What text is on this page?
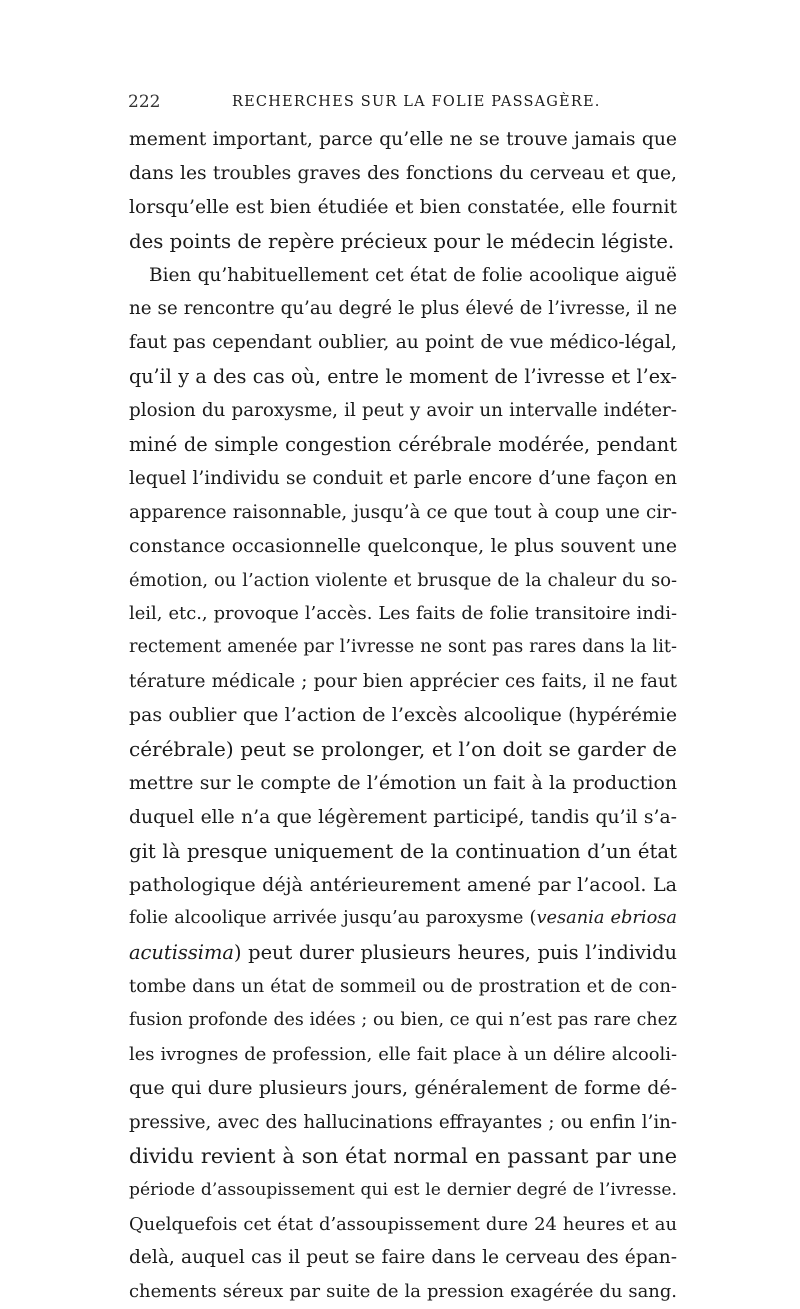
222	RECHERCHES SUR LA FOLIE PASSAGÈRE.
mement important, parce qu’elle ne se trouve jamais que
dans les troubles graves des fonctions du cerveau et que,
lorsqu’elle est bien étudiée et bien constatée, elle fournit
des points de repère précieux pour le médecin légiste.
Bien qu’habituellement cet état de folie acoolique aiguë
ne se rencontre qu’au degré le plus élevé de l’ivresse, il ne
faut pas cependant oublier, au point de vue médico-légal,
qu’il y a des cas où, entre le moment de l’ivresse et l’ex-
plosion du paroxysme, il peut y avoir un intervalle indéter-
miné de simple congestion cérébrale modérée, pendant
lequel l’individu se conduit et parle encore d’une façon en
apparence raisonnable, jusqu’à ce que tout à coup une cir-
constance occasionnelle quelconque, le plus souvent une
émotion, ou l’action violente et brusque de la chaleur du so-
leil, etc., provoque l’accès. Les faits de folie transitoire indi-
rectement amenée par l’ivresse ne sont pas rares dans la lit-
térature médicale ; pour bien apprécier ces faits, il ne faut
pas oublier que l’action de l’excès alcoolique (hypérémie
cérébrale) peut se prolonger, et l’on doit se garder de
mettre sur le compte de l’émotion un fait à la production
duquel elle n’a que légèrement participé, tandis qu’il s’a-
git là presque uniquement de la continuation d’un état
pathologique déjà antérieurement amené par l’acool. La
folie alcoolique arrivée jusqu’au paroxysme (vesania ebriosa
acutissima) peut durer plusieurs heures, puis l’individu
tombe dans un état de sommeil ou de prostration et de con-
fusion profonde des idées ; ou bien, ce qui n’est pas rare chez
les ivrognes de profession, elle fait place à un délire alcooli-
que qui dure plusieurs jours, généralement de forme dé-
pressive, avec des hallucinations effrayantes ; ou enfin l’in-
dividu revient à son état normal en passant par une
période d’assoupissement qui est le dernier degré de l’ivresse.
Quelquefois cet état d’assoupissement dure 24 heures et au
delà, auquel cas il peut se faire dans le cerveau des épan-
chements séreux par suite de la pression exagérée du sang.
